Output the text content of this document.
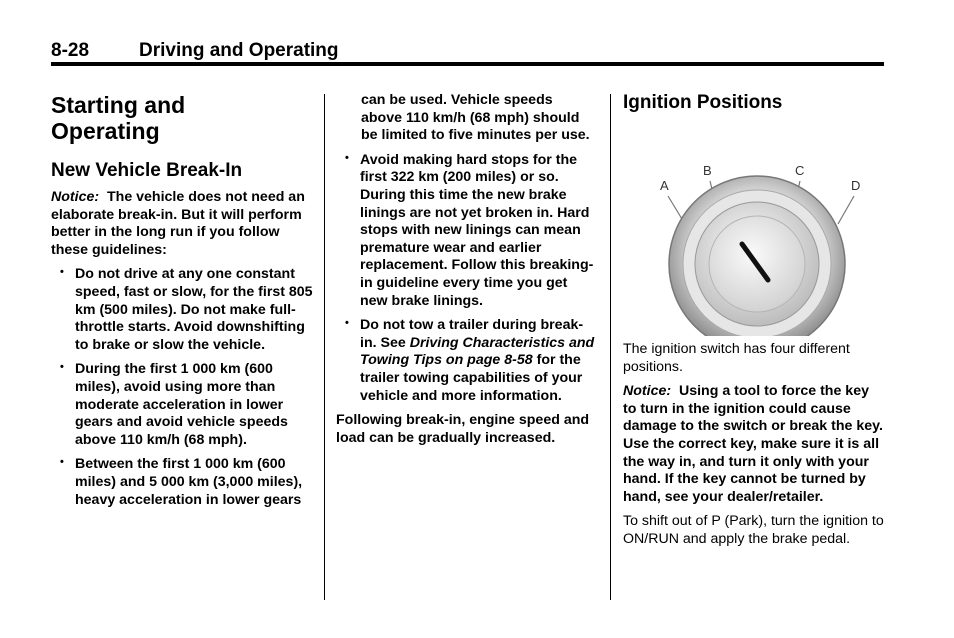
8-28	Driving and Operating
Starting and
Operating
New Vehicle Break-In

Notice: The vehicle does not need an elaborate break-in. But it will perform better in the long run if you follow these guidelines:

• Do not drive at any one constant speed, fast or slow, for the first 805 km (500 miles). Do not make full-throttle starts. Avoid downshifting to brake or slow the vehicle.
• During the first 1 000 km (600 miles), avoid using more than moderate acceleration in lower gears and avoid vehicle speeds above 110 km/h (68 mph).
• Between the first 1 000 km (600 miles) and 5 000 km (3,000 miles), heavy acceleration in lower gears

can be used. Vehicle speeds above 110 km/h (68 mph) should be limited to five minutes per use.

• Avoid making hard stops for the first 322 km (200 miles) or so. During this time the new brake linings are not yet broken in. Hard stops with new linings can mean premature wear and earlier replacement. Follow this breaking-in guideline every time you get new brake linings.
• Do not tow a trailer during break-in. See Driving Characteristics and Towing Tips on page 8-58 for the trailer towing capabilities of your vehicle and more information.

Following break-in, engine speed and load can be gradually increased.

Ignition Positions
A
B	C
D

The ignition switch has four different positions.

Notice: Using a tool to force the key to turn in the ignition could cause damage to the switch or break the key. Use the correct key, make sure it is all the way in, and turn it only with your hand. If the key cannot be turned by hand, see your dealer/retailer.

To shift out of P (Park), turn the ignition to ON/RUN and apply the brake pedal.
